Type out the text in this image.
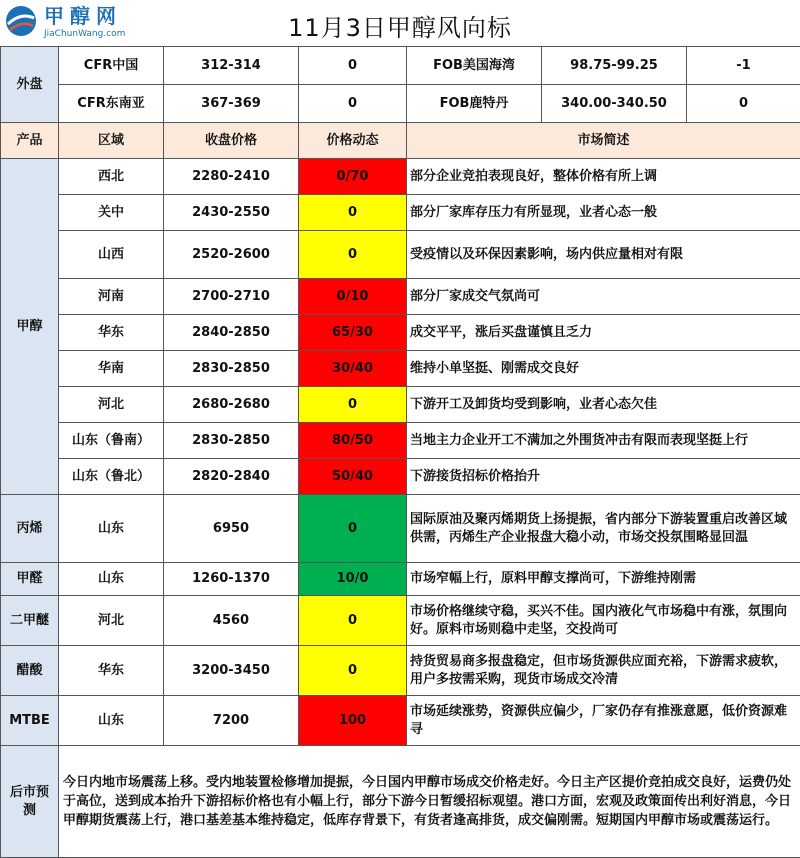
甲醇网
JiaChunWang.com	11月3日甲醇风向标
外盘	CFR中国	312-314	0	FOB美国海湾	98.75-99.25	-1
	CFR东南亚	367-369	0	FOB鹿特丹	340.00-340.50	0
产品	区域	收盘价格	价格动态	市场简述		
甲醇	西北	2280-2410	0/70	部分企业竞拍表现良好，整体价格有所上调		
	关中	2430-2550	0	部分厂家库存压力有所显现，业者心态一般		
	山西	2520-2600	0	受疫情以及环保因素影响，场内供应量相对有限		
	河南	2700-2710	0/10	部分厂家成交气氛尚可		
	华东	2840-2850	65/30	成交平平，涨后买盘谨慎且乏力		
	华南	2830-2850	30/40	维持小单坚挺、刚需成交良好		
	河北	2680-2680	0	下游开工及卸货均受到影响，业者心态欠佳		
	山东（鲁南）	2830-2850	80/50	当地主力企业开工不满加之外围货冲击有限而表现坚挺上行		
	山东（鲁北）	2820-2840	50/40	下游接货招标价格抬升		
丙烯	山东	6950	0	国际原油及聚丙烯期货上扬提振，省内部分下游装置重启改善区域供需，丙烯生产企业报盘大稳小动，市场交投氛围略显回温		
甲醛	山东	1260-1370	10/0	市场窄幅上行，原料甲醇支撑尚可，下游维持刚需		
二甲醚	河北	4560	0	市场价格继续守稳，买兴不佳。国内液化气市场稳中有涨，氛围向好。原料市场则稳中走坚，交投尚可		
醋酸	华东	3200-3450	0	持货贸易商多报盘稳定，但市场货源供应面充裕，下游需求疲软，用户多按需采购，现货市场成交冷清		
MTBE	山东	7200	100	市场延续涨势，资源供应偏少，厂家仍存有推涨意愿，低价资源难寻		
后市预测	今日内地市场震荡上移。受内地装置检修增加提振，今日国内甲醇市场成交价格走好。今日主产区提价竞拍成交良好，运费仍处于高位，送到成本抬升下游招标价格也有小幅上行，部分下游今日暂缓招标观望。港口方面，宏观及政策面传出利好消息，今日甲醇期货震荡上行，港口基差基本维持稳定，低库存背景下，有货者逢高排货，成交偏刚需。短期国内甲醇市场或震荡运行。					
